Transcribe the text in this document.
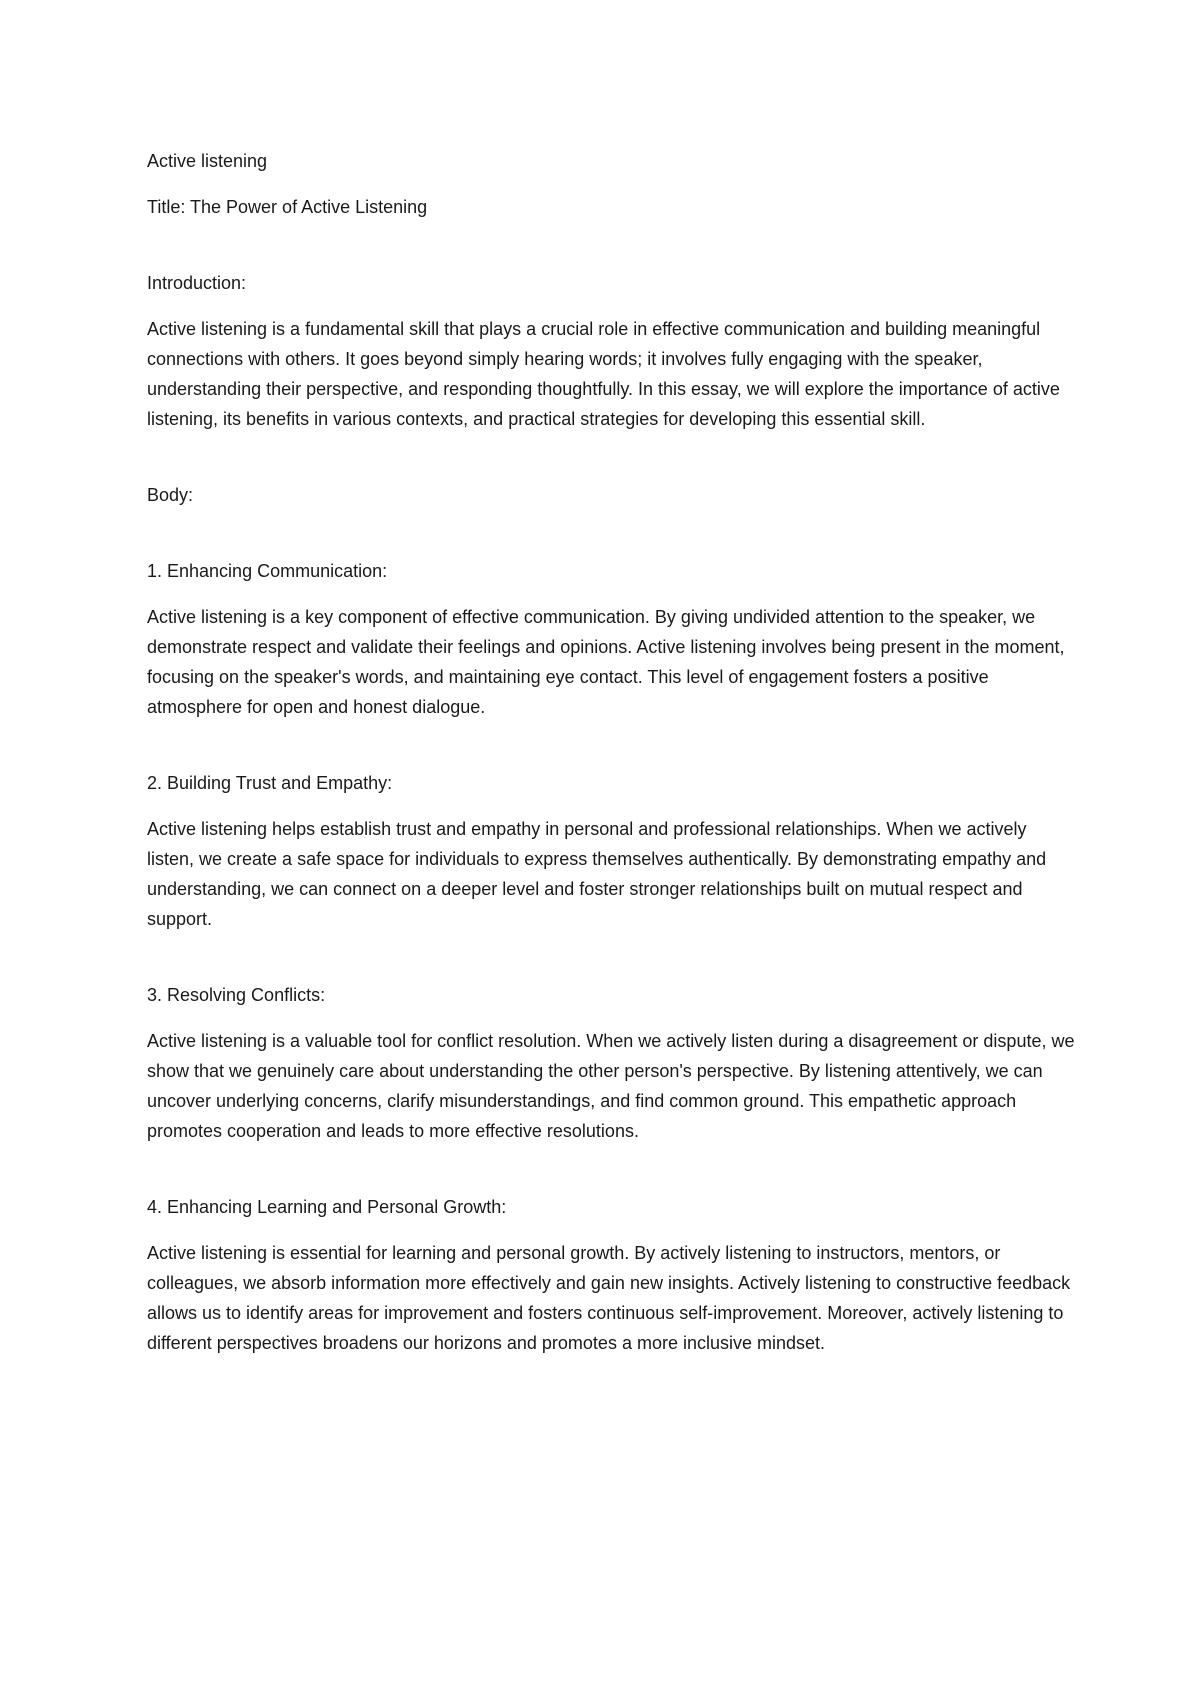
Active listening

Title: The Power of Active Listening

Introduction:

Active listening is a fundamental skill that plays a crucial role in effective communication and building meaningful connections with others. It goes beyond simply hearing words; it involves fully engaging with the speaker, understanding their perspective, and responding thoughtfully. In this essay, we will explore the importance of active listening, its benefits in various contexts, and practical strategies for developing this essential skill.

Body:

1. Enhancing Communication:

Active listening is a key component of effective communication. By giving undivided attention to the speaker, we demonstrate respect and validate their feelings and opinions. Active listening involves being present in the moment, focusing on the speaker's words, and maintaining eye contact. This level of engagement fosters a positive atmosphere for open and honest dialogue.

2. Building Trust and Empathy:

Active listening helps establish trust and empathy in personal and professional relationships. When we actively listen, we create a safe space for individuals to express themselves authentically. By demonstrating empathy and understanding, we can connect on a deeper level and foster stronger relationships built on mutual respect and support.

3. Resolving Conflicts:

Active listening is a valuable tool for conflict resolution. When we actively listen during a disagreement or dispute, we show that we genuinely care about understanding the other person's perspective. By listening attentively, we can uncover underlying concerns, clarify misunderstandings, and find common ground. This empathetic approach promotes cooperation and leads to more effective resolutions.

4. Enhancing Learning and Personal Growth:

Active listening is essential for learning and personal growth. By actively listening to instructors, mentors, or colleagues, we absorb information more effectively and gain new insights. Actively listening to constructive feedback allows us to identify areas for improvement and fosters continuous self-improvement. Moreover, actively listening to different perspectives broadens our horizons and promotes a more inclusive mindset.
